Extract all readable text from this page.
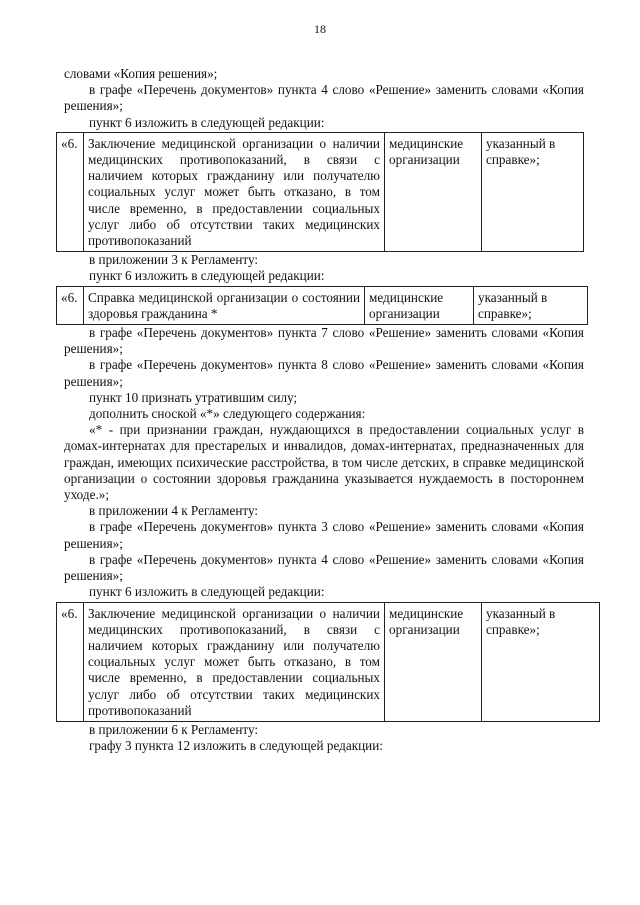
18

словами «Копия решения»;

в графе «Перечень документов» пункта 4 слово «Решение» заменить словами «Копия решения»;

пункт 6 изложить в следующей редакции:

«6.	Заключение медицинской организации о наличии медицинских противопоказаний, в связи с наличием которых гражданину или получателю социальных услуг может быть отказано, в том числе временно, в предоставлении социальных услуг либо об отсутствии таких медицинских противопоказаний	медицинские организации	указанный в справке»;

в приложении 3 к Регламенту:

пункт 6 изложить в следующей редакции:

«6.	Справка медицинской организации о состоянии здоровья гражданина *	медицинские организации	указанный в справке»;

в графе «Перечень документов» пункта 7 слово «Решение» заменить словами «Копия решения»;

в графе «Перечень документов» пункта 8 слово «Решение» заменить словами «Копия решения»;

пункт 10 признать утратившим силу;

дополнить сноской «*» следующего содержания:

«* - при признании граждан, нуждающихся в предоставлении социальных услуг в домах-интернатах для престарелых и инвалидов, домах-интернатах, предназначенных для граждан, имеющих психические расстройства, в том числе детских, в справке медицинской организации о состоянии здоровья гражданина указывается нуждаемость в постороннем уходе.»;

в приложении 4 к Регламенту:

в графе «Перечень документов» пункта 3 слово «Решение» заменить словами «Копия решения»;

в графе «Перечень документов» пункта 4 слово «Решение» заменить словами «Копия решения»;

пункт 6 изложить в следующей редакции:

«6.	Заключение медицинской организации о наличии медицинских противопоказаний, в связи с наличием которых гражданину или получателю социальных услуг может быть отказано, в том числе временно, в предоставлении социальных услуг либо об отсутствии таких медицинских противопоказаний	медицинские организации	указанный в справке»;

в приложении 6 к Регламенту:

графу 3 пункта 12 изложить в следующей редакции:
